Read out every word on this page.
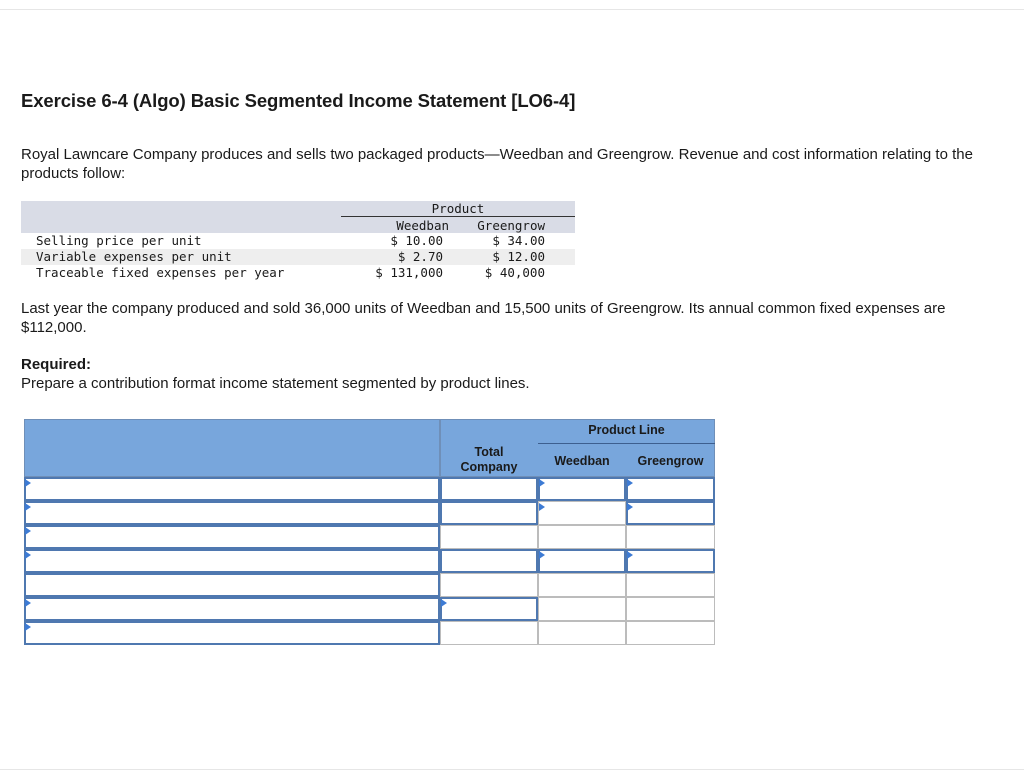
Exercise 6-4 (Algo) Basic Segmented Income Statement [LO6-4]

Royal Lawncare Company produces and sells two packaged products—Weedban and Greengrow. Revenue and cost information relating to the products follow:

Product
Weedban	Greengrow
Selling price per unit	$ 10.00	$ 34.00
Variable expenses per unit	$ 2.70	$ 12.00
Traceable fixed expenses per year	$ 131,000	$ 40,000

Last year the company produced and sold 36,000 units of Weedban and 15,500 units of Greengrow. Its annual common fixed expenses are $112,000.

Required:

Prepare a contribution format income statement segmented by product lines.

Product Line
Total
Company	Weedban	Greengrow
